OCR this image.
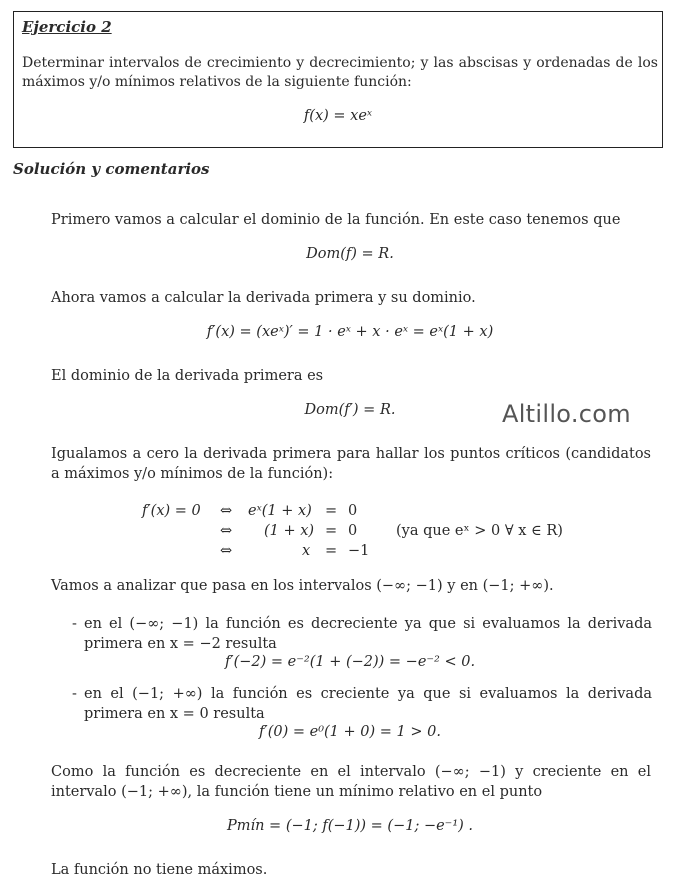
Ejercicio 2
Determinar intervalos de crecimiento y decrecimiento; y las abscisas y ordenadas de los máximos y/o mínimos relativos de la siguiente función:
f(x) = xeˣ
Solución y comentarios
Primero vamos a calcular el dominio de la función. En este caso tenemos que
Dom(f) = R.
Ahora vamos a calcular la derivada primera y su dominio.
f′(x) = (xeˣ)′ = 1 · eˣ + x · eˣ = eˣ(1 + x)
El dominio de la derivada primera es
Dom(f′) = R.	Altillo.com
Igualamos a cero la derivada primera para hallar los puntos críticos (candidatos a máximos y/o mínimos de la función):
f′(x) = 0 ⇔ eˣ(1 + x) = 0
⇔ (1 + x) = 0	(ya que eˣ > 0 ∀ x ∈ R)
⇔	x = −1
Vamos a analizar que pasa en los intervalos (−∞; −1) y en (−1; +∞).
- en el (−∞; −1) la función es decreciente ya que si evaluamos la derivada primera en x = −2 resulta
f′(−2) = e⁻²(1 + (−2)) = −e⁻² < 0.
- en el (−1; +∞) la función es creciente ya que si evaluamos la derivada primera en x = 0 resulta
f′(0) = e⁰(1 + 0) = 1 > 0.
Como la función es decreciente en el intervalo (−∞; −1) y creciente en el intervalo (−1; +∞), la función tiene un mínimo relativo en el punto
Pmín = (−1; f(−1)) = (−1; −e⁻¹) .
La función no tiene máximos.
